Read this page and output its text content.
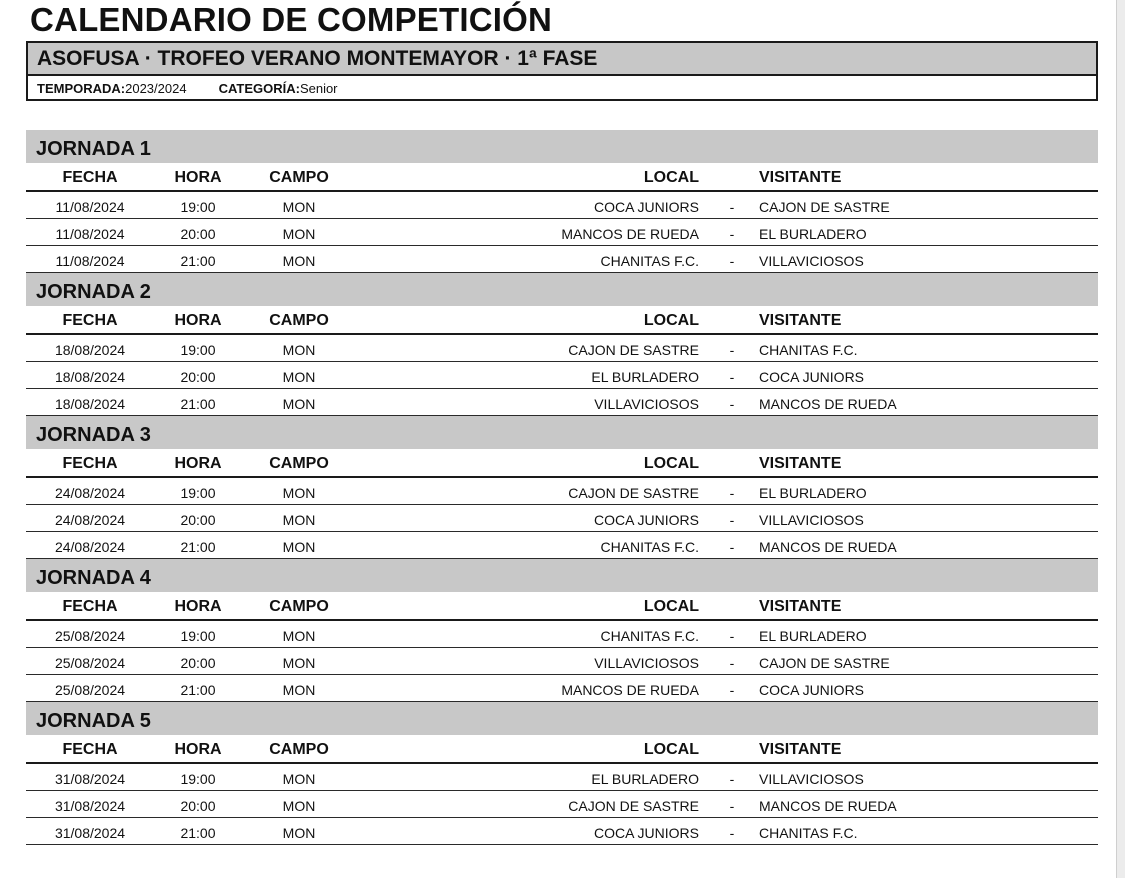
CALENDARIO DE COMPETICIÓN
ASOFUSA · TROFEO VERANO MONTEMAYOR · 1ª FASE
TEMPORADA:2023/2024 CATEGORÍA:Senior
JORNADA 1
FECHA	HORA	CAMPO	LOCAL	VISITANTE
11/08/2024	19:00	MON	COCA JUNIORS - CAJON DE SASTRE
11/08/2024	20:00	MON	MANCOS DE RUEDA - EL BURLADERO
11/08/2024	21:00	MON	CHANITAS F.C. - VILLAVICIOSOS
JORNADA 2
FECHA	HORA	CAMPO	LOCAL	VISITANTE
18/08/2024	19:00	MON	CAJON DE SASTRE - CHANITAS F.C.
18/08/2024	20:00	MON	EL BURLADERO - COCA JUNIORS
18/08/2024	21:00	MON	VILLAVICIOSOS - MANCOS DE RUEDA
JORNADA 3
FECHA	HORA	CAMPO	LOCAL	VISITANTE
24/08/2024	19:00	MON	CAJON DE SASTRE - EL BURLADERO
24/08/2024	20:00	MON	COCA JUNIORS - VILLAVICIOSOS
24/08/2024	21:00	MON	CHANITAS F.C. - MANCOS DE RUEDA
JORNADA 4
FECHA	HORA	CAMPO	LOCAL	VISITANTE
25/08/2024	19:00	MON	CHANITAS F.C. - EL BURLADERO
25/08/2024	20:00	MON	VILLAVICIOSOS - CAJON DE SASTRE
25/08/2024	21:00	MON	MANCOS DE RUEDA - COCA JUNIORS
JORNADA 5
FECHA	HORA	CAMPO	LOCAL	VISITANTE
31/08/2024	19:00	MON	EL BURLADERO - VILLAVICIOSOS
31/08/2024	20:00	MON	CAJON DE SASTRE - MANCOS DE RUEDA
31/08/2024	21:00	MON	COCA JUNIORS - CHANITAS F.C.
